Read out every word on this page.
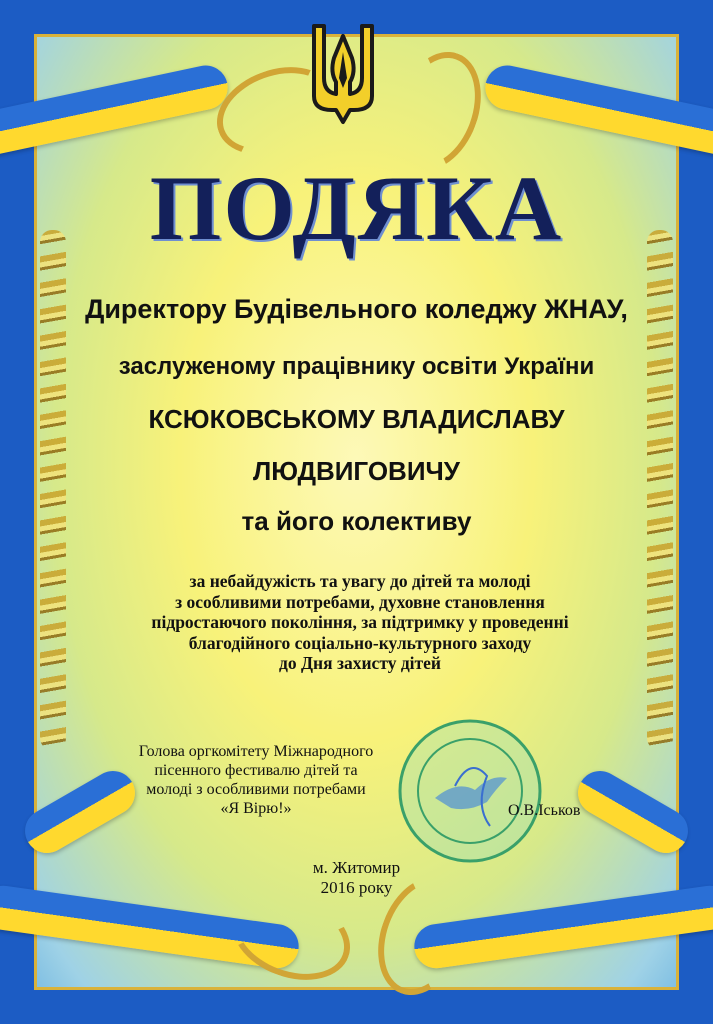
ПОДЯКА
Директору Будівельного коледжу ЖНАУ,
заслуженому працівнику освіти України
КСЮКОВСЬКОМУ ВЛАДИСЛАВУ
ЛЮДВИГОВИЧУ
та його колективу
за небайдужість та увагу до дітей та молоді
з особливими потребами, духовне становлення
підростаючого покоління, за підтримку у проведенні
благодійного соціально-культурного заходу
до Дня захисту дітей
Голова оргкомітету Міжнародного
пісенного фестивалю дітей та
молоді з особливими потребами
«Я Вірю!»	О.В.Іськов
м. Житомир
2016 року
